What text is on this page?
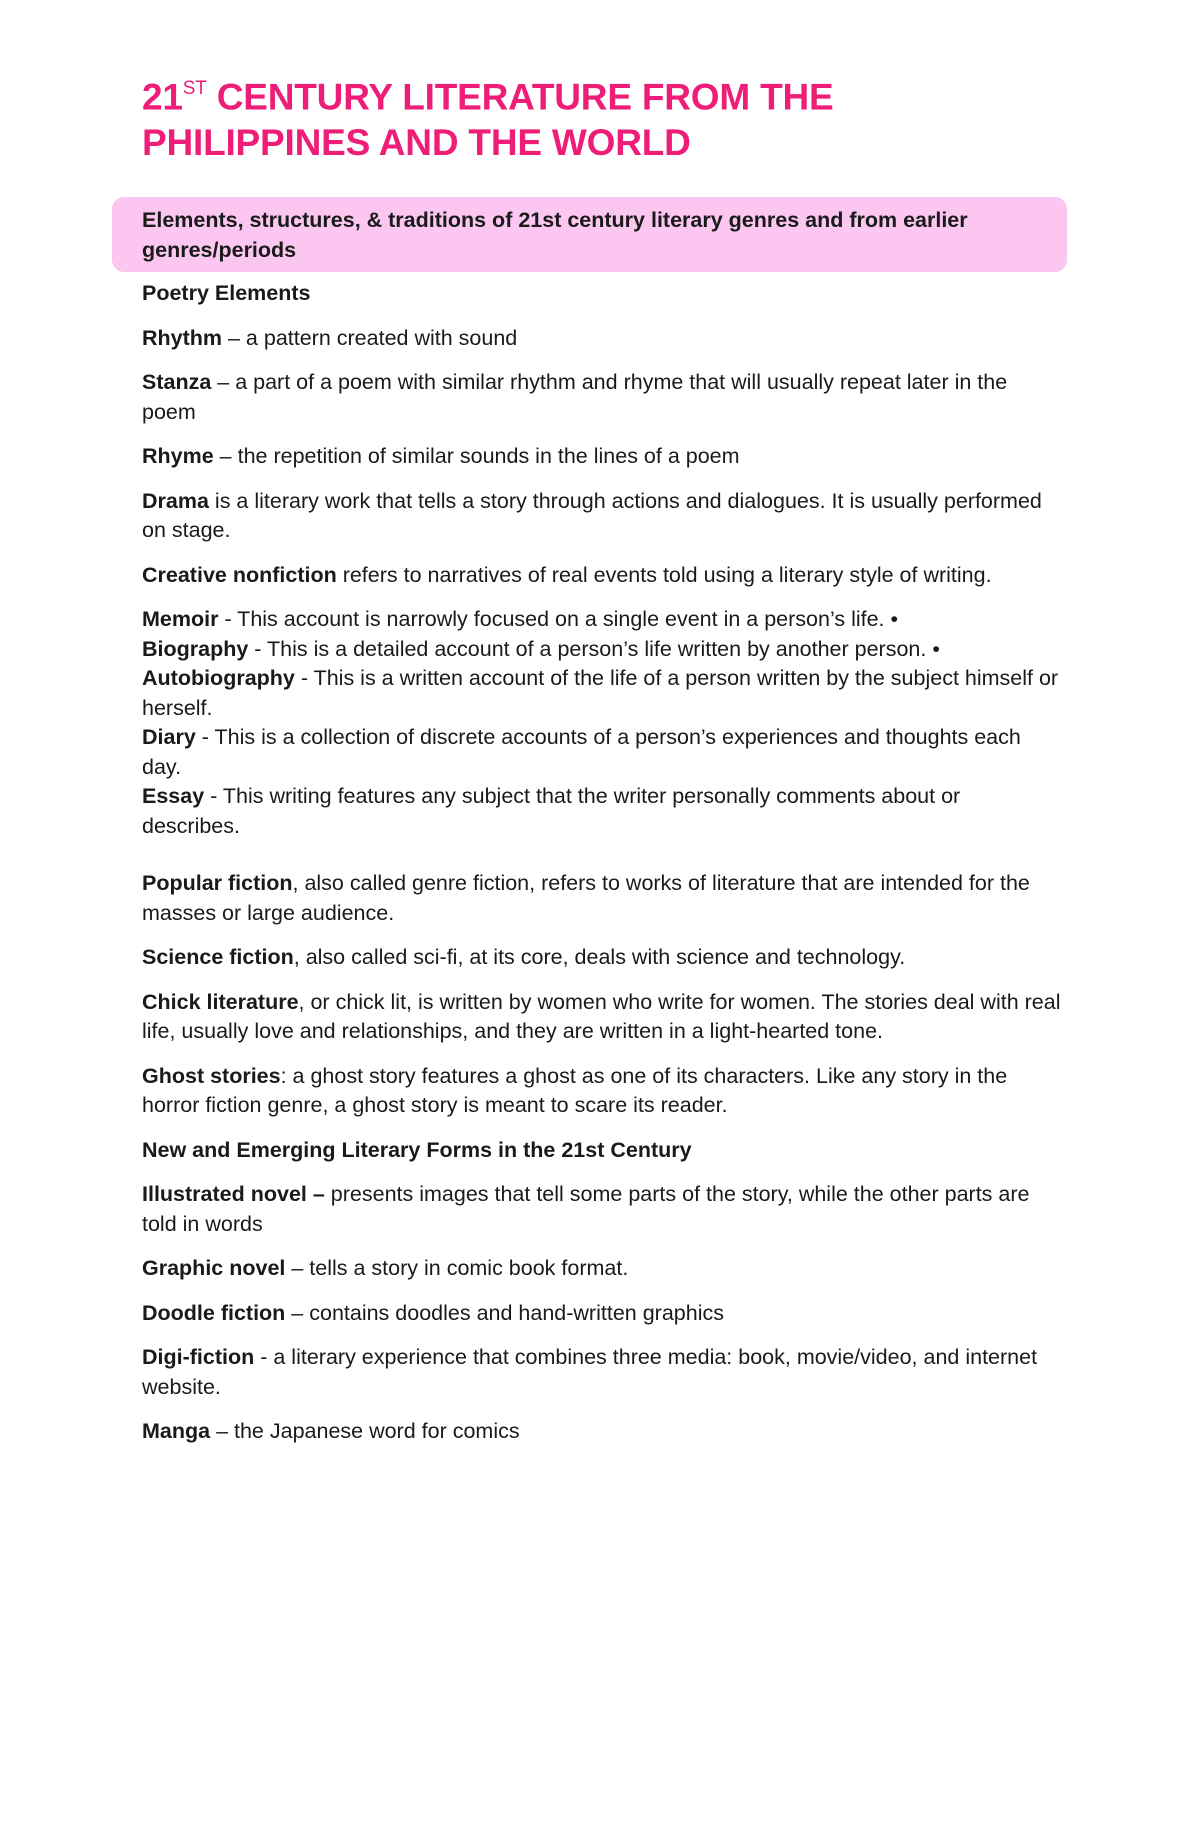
21ST CENTURY LITERATURE FROM THE
PHILIPPINES AND THE WORLD

Elements, structures, & traditions of 21st century literary genres and from earlier genres/periods

Poetry Elements

Rhythm – a pattern created with sound

Stanza – a part of a poem with similar rhythm and rhyme that will usually repeat later in the poem

Rhyme – the repetition of similar sounds in the lines of a poem

Drama is a literary work that tells a story through actions and dialogues. It is usually performed on stage.

Creative nonfiction refers to narratives of real events told using a literary style of writing.

Memoir - This account is narrowly focused on a single event in a person’s life. •

Biography - This is a detailed account of a person’s life written by another person. •

Autobiography - This is a written account of the life of a person written by the subject himself or herself.

Diary - This is a collection of discrete accounts of a person’s experiences and thoughts each day.

Essay - This writing features any subject that the writer personally comments about or describes.

Popular fiction, also called genre fiction, refers to works of literature that are intended for the masses or large audience.

Science fiction, also called sci-fi, at its core, deals with science and technology.

Chick literature, or chick lit, is written by women who write for women. The stories deal with real life, usually love and relationships, and they are written in a light-hearted tone.

Ghost stories: a ghost story features a ghost as one of its characters. Like any story in the horror fiction genre, a ghost story is meant to scare its reader.

New and Emerging Literary Forms in the 21st Century

Illustrated novel – presents images that tell some parts of the story, while the other parts are told in words

Graphic novel – tells a story in comic book format.

Doodle fiction – contains doodles and hand-written graphics

Digi-fiction - a literary experience that combines three media: book, movie/video, and internet website.

Manga – the Japanese word for comics
